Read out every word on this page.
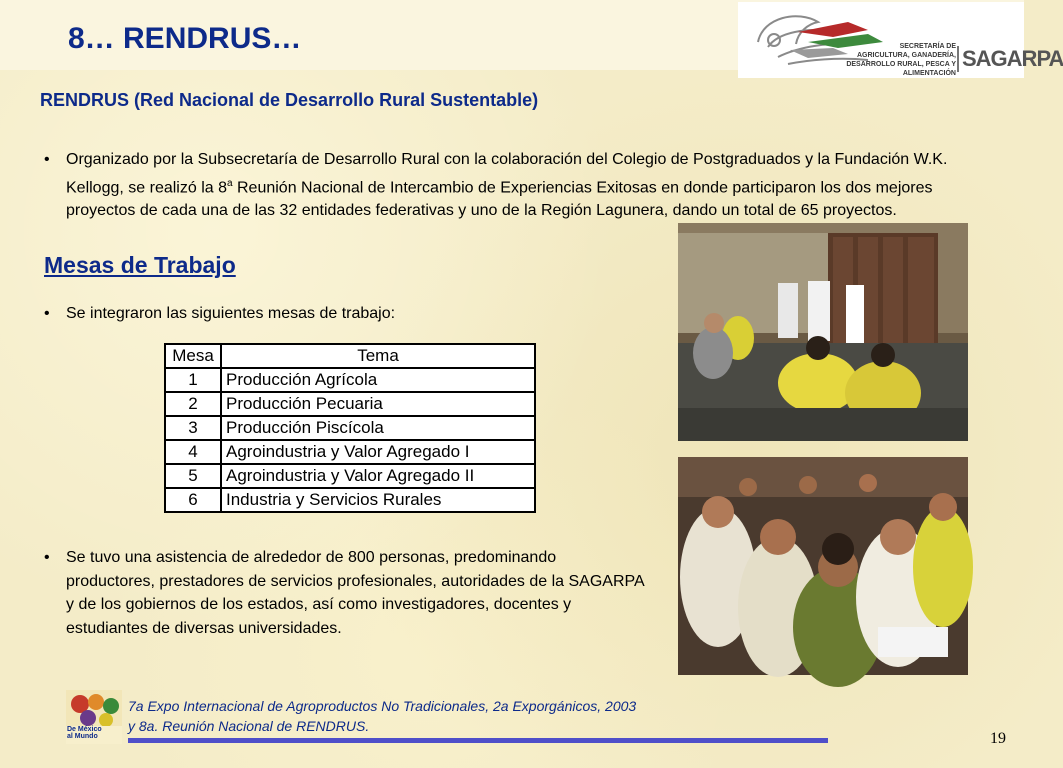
8… RENDRUS…	SECRETARÍA DE
AGRICULTURA, GANADERÍA,
DESARROLLO RURAL, PESCA Y ALIMENTACIÓN
SAGARPA
RENDRUS (Red Nacional de Desarrollo Rural Sustentable)
• Organizado por la Subsecretaría de Desarrollo Rural con la colaboración del Colegio de Postgraduados y la Fundación W.K. Kellogg, se realizó la 8$^a$ Reunión Nacional de Intercambio de Experiencias Exitosas en donde participaron los dos mejores proyectos de cada una de las 32 entidades federativas y uno de la Región Lagunera, dando un total de 65 proyectos.
Mesas de Trabajo
• Se integraron las siguientes mesas de trabajo:
Mesa	Tema
1	Producción Agrícola
2	Producción Pecuaria
3	Producción Piscícola
4	Agroindustria y Valor Agregado I
5	Agroindustria y Valor Agregado II
6	Industria y Servicios Rurales
• Se tuvo una asistencia de alrededor de 800 personas, predominando productores, prestadores de servicios profesionales, autoridades de la SAGARPA y de los gobiernos de los estados, así como investigadores, docentes y estudiantes de diversas universidades.
De México
al Mundo
7a Expo Internacional de Agroproductos No Tradicionales, 2a Exporgánicos, 2003
y 8a. Reunión Nacional de RENDRUS.
19
